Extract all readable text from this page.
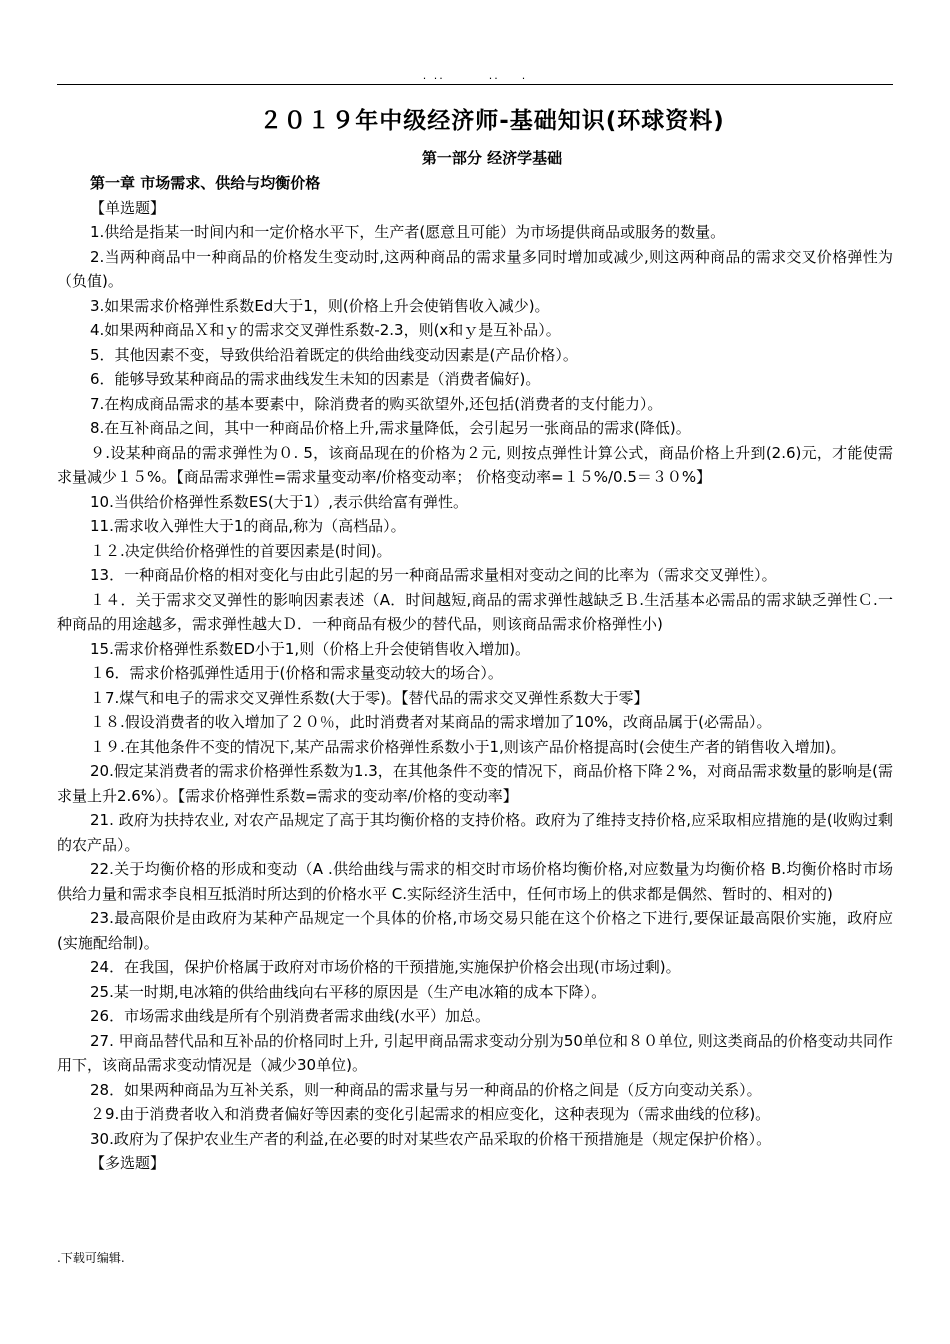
. ..        ..    .
２０１９年中级经济师-基础知识(环球资料)
第一部分 经济学基础

第一章 市场需求、供给与均衡价格

【单选题】

1.供给是指某一时间内和一定价格水平下，生产者(愿意且可能）为市场提供商品或服务的数量。

2.当两种商品中一种商品的价格发生变动时,这两种商品的需求量多同时增加或减少,则这两种商品的需求交叉价格弹性为（负值)。

3.如果需求价格弹性系数Ed大于1，则(价格上升会使销售收入减少)。

4.如果两种商品Ｘ和ｙ的需求交叉弹性系数-2.3，则(x和ｙ是互补品）。

5．其他因素不变，导致供给沿着既定的供给曲线变动因素是(产品价格）。

6．能够导致某种商品的需求曲线发生未知的因素是（消费者偏好)。

7.在构成商品需求的基本要素中，除消费者的购买欲望外,还包括(消费者的支付能力）。

8.在互补商品之间，其中一种商品价格上升,需求量降低，会引起另一张商品的需求(降低)。

９.设某种商品的需求弹性为０. 5，该商品现在的价格为２元, 则按点弹性计算公式，商品价格上升到(2.6)元，才能使需求量减少１５%。【商品需求弹性=需求量变动率/价格变动率； 价格变动率=１５%/0.5＝３０%】

10.当供给价格弹性系数ES(大于1）,表示供给富有弹性。

11.需求收入弹性大于1的商品,称为（高档品）。

１２.决定供给价格弹性的首要因素是(时间)。

13．一种商品价格的相对变化与由此引起的另一种商品需求量相对变动之间的比率为（需求交叉弹性）。

１４．关于需求交叉弹性的影响因素表述（A．时间越短,商品的需求弹性越缺乏Ｂ.生活基本必需品的需求缺乏弹性Ｃ.一种商品的用途越多，需求弹性越大Ｄ．一种商品有极少的替代品，则该商品需求价格弹性小)

15.需求价格弹性系数ED小于1,则（价格上升会使销售收入增加)。

１6．需求价格弧弹性适用于(价格和需求量变动较大的场合）。

１7.煤气和电子的需求交叉弹性系数(大于零)。【替代品的需求交叉弹性系数大于零】

１８.假设消费者的收入增加了２０％，此时消费者对某商品的需求增加了10%，改商品属于(必需品）。

１９.在其他条件不变的情况下,某产品需求价格弹性系数小于1,则该产品价格提高时(会使生产者的销售收入增加)。

20.假定某消费者的需求价格弹性系数为1.3，在其他条件不变的情况下，商品价格下降２%，对商品需求数量的影响是(需求量上升2.6%）。【需求价格弹性系数=需求的变动率/价格的变动率】

21. 政府为扶持农业, 对农产品规定了高于其均衡价格的支持价格。政府为了维持支持价格,应采取相应措施的是(收购过剩的农产品）。

22.关于均衡价格的形成和变动（A .供给曲线与需求的相交时市场价格均衡价格,对应数量为均衡价格 B.均衡价格时市场供给力量和需求李良相互抵消时所达到的价格水平 C.实际经济生活中，任何市场上的供求都是偶然、暂时的、相对的)

23.最高限价是由政府为某种产品规定一个具体的价格,市场交易只能在这个价格之下进行,要保证最高限价实施，政府应(实施配给制)。

24．在我国，保护价格属于政府对市场价格的干预措施,实施保护价格会出现(市场过剩)。

25.某一时期,电冰箱的供给曲线向右平移的原因是（生产电冰箱的成本下降）。

26．市场需求曲线是所有个别消费者需求曲线(水平）加总。

27. 甲商品替代品和互补品的价格同时上升, 引起甲商品需求变动分别为50单位和８０单位, 则这类商品的价格变动共同作用下，该商品需求变动情况是（减少30单位)。

28．如果两种商品为互补关系，则一种商品的需求量与另一种商品的价格之间是（反方向变动关系）。

２9.由于消费者收入和消费者偏好等因素的变化引起需求的相应变化，这种表现为（需求曲线的位移)。

30.政府为了保护农业生产者的利益,在必要的时对某些农产品采取的价格干预措施是（规定保护价格）。

【多选题】

.下载可编辑.
